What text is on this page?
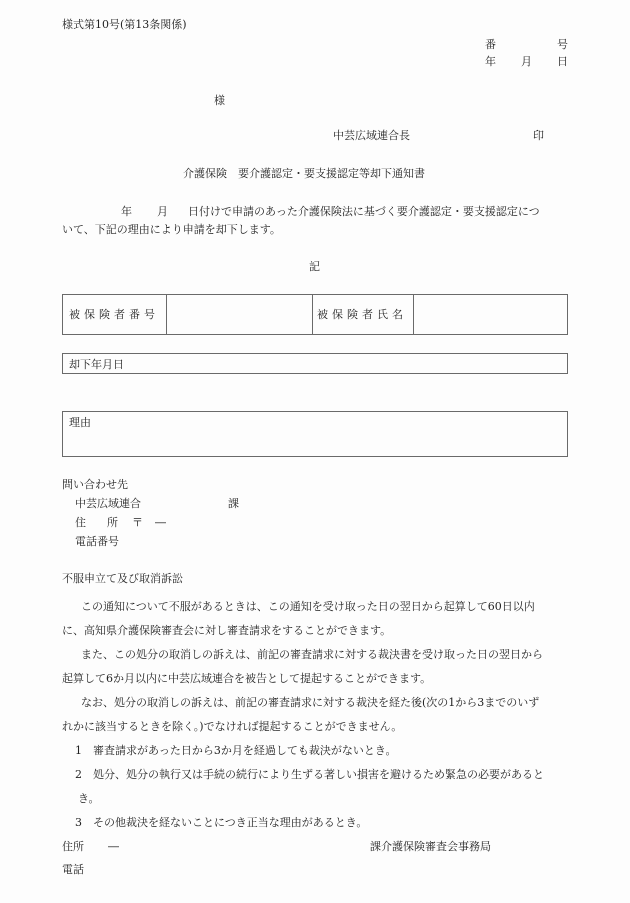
様式第10号(第13条関係)
番	号
年 月 日
様
中芸広域連合長	印
介護保険　要介護認定・要支援認定等却下通知書
年 月 日付けで申請のあった介護保険法に基づく要介護認定・要支援認定につ
いて、下記の理由により申請を却下します。
記
被保険者番号	被保険者氏名
却下年月日
理由
問い合わせ先
中芸広域連合	課
住 所 〒 ―
電話番号
不服申立て及び取消訴訟
この通知について不服があるときは、この通知を受け取った日の翌日から起算して60日以内
に、高知県介護保険審査会に対し審査請求をすることができます。
また、この処分の取消しの訴えは、前記の審査請求に対する裁決書を受け取った日の翌日から
起算して6か月以内に中芸広域連合を被告として提起することができます。
なお、処分の取消しの訴えは、前記の審査請求に対する裁決を経た後(次の1から3までのいず
れかに該当するときを除く。)でなければ提起することができません。
1 審査請求があった日から3か月を経過しても裁決がないとき。
2 処分、処分の執行又は手続の続行により生ずる著しい損害を避けるため緊急の必要があると
き。
3 その他裁決を経ないことにつき正当な理由があるとき。
住所 ―	課介護保険審査会事務局
電話
